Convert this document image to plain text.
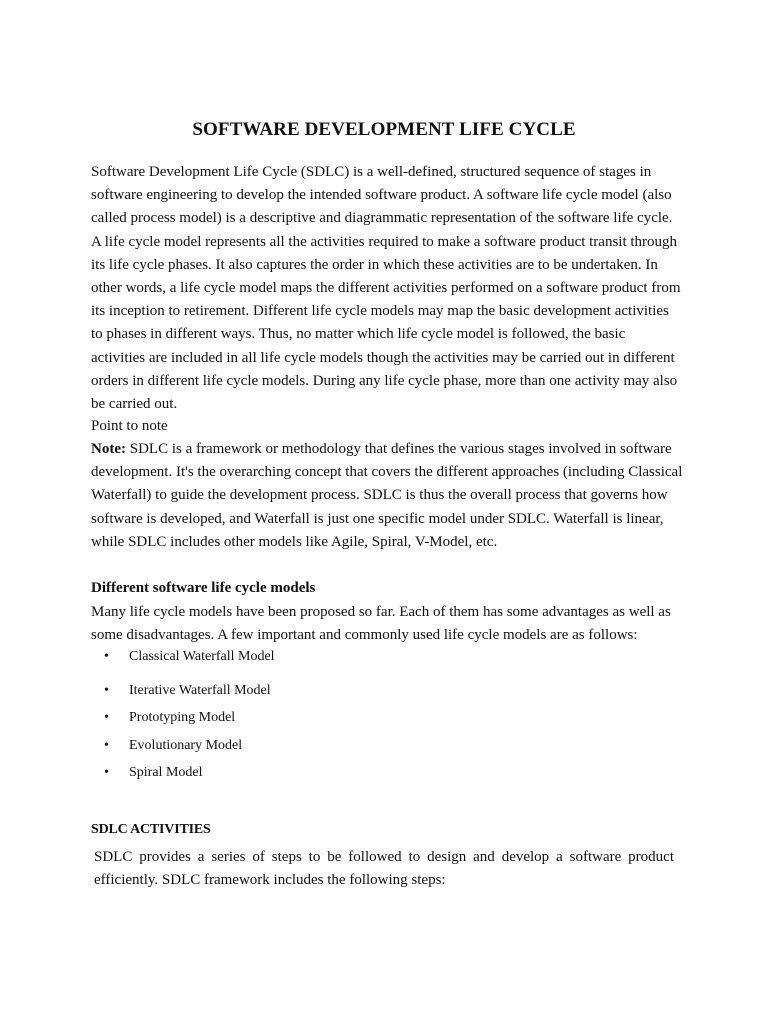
SOFTWARE DEVELOPMENT LIFE CYCLE
Software Development Life Cycle (SDLC) is a well-defined, structured sequence of stages in
software engineering to develop the intended software product. A software life cycle model (also
called process model) is a descriptive and diagrammatic representation of the software life cycle.
A life cycle model represents all the activities required to make a software product transit through
its life cycle phases. It also captures the order in which these activities are to be undertaken. In
other words, a life cycle model maps the different activities performed on a software product from
its inception to retirement. Different life cycle models may map the basic development activities
to phases in different ways. Thus, no matter which life cycle model is followed, the basic
activities are included in all life cycle models though the activities may be carried out in different
orders in different life cycle models. During any life cycle phase, more than one activity may also
be carried out.
Point to note
Note: SDLC is a framework or methodology that defines the various stages involved in software
development. It's the overarching concept that covers the different approaches (including Classical
Waterfall) to guide the development process. SDLC is thus the overall process that governs how
software is developed, and Waterfall is just one specific model under SDLC. Waterfall is linear,
while SDLC includes other models like Agile, Spiral, V-Model, etc.
Different software life cycle models
Many life cycle models have been proposed so far. Each of them has some advantages as well as
some disadvantages. A few important and commonly used life cycle models are as follows:
•	Classical Waterfall Model
•	Iterative Waterfall Model
•	Prototyping Model
•	Evolutionary Model
•	Spiral Model
SDLC ACTIVITIES
SDLC provides a series of steps to be followed to design and develop a software product
efficiently. SDLC framework includes the following steps:
